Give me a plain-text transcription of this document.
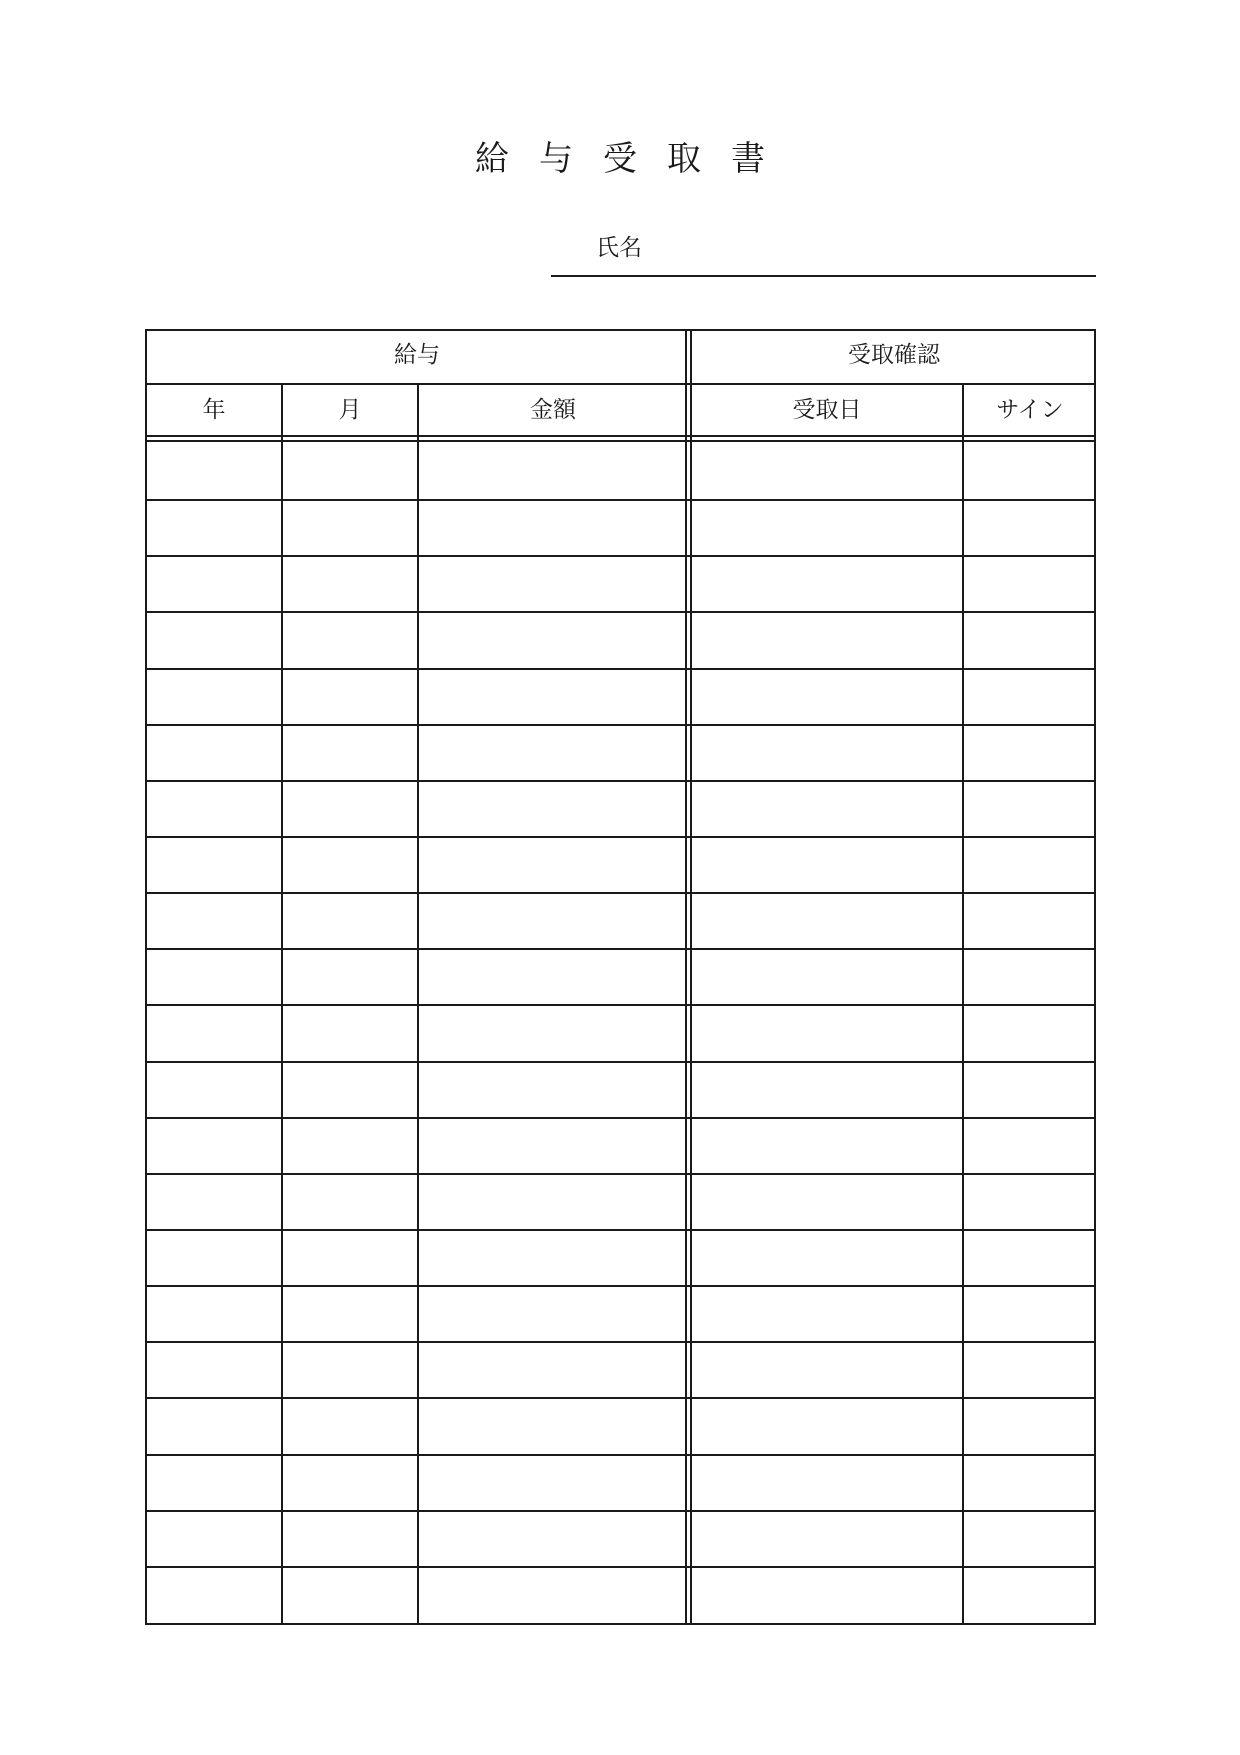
給与受取書
氏名
給与	受取確認
年	月	金額	受取日	サイン
